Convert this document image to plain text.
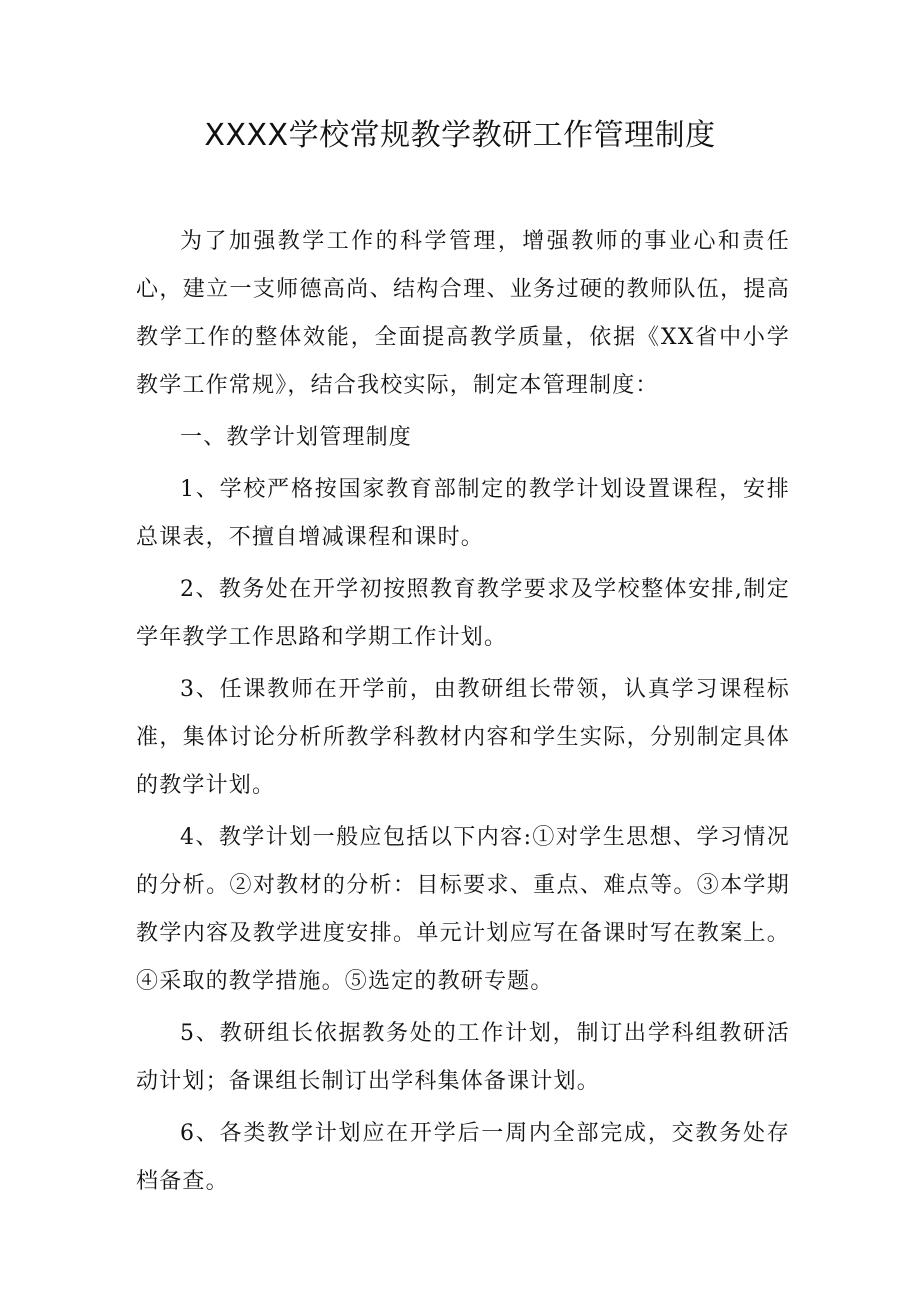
XXXX学校常规教学教研工作管理制度

为了加强教学工作的科学管理，增强教师的事业心和责任心，建立一支师德高尚、结构合理、业务过硬的教师队伍，提高教学工作的整体效能，全面提高教学质量，依据《XX省中小学教学工作常规》，结合我校实际，制定本管理制度：

一、教学计划管理制度

1、学校严格按国家教育部制定的教学计划设置课程，安排总课表，不擅自增减课程和课时。

2、教务处在开学初按照教育教学要求及学校整体安排,制定学年教学工作思路和学期工作计划。

3、任课教师在开学前，由教研组长带领，认真学习课程标准，集体讨论分析所教学科教材内容和学生实际，分别制定具体的教学计划。

4、教学计划一般应包括以下内容:①对学生思想、学习情况的分析。②对教材的分析：目标要求、重点、难点等。③本学期教学内容及教学进度安排。单元计划应写在备课时写在教案上。④采取的教学措施。⑤选定的教研专题。

5、教研组长依据教务处的工作计划，制订出学科组教研活动计划；备课组长制订出学科集体备课计划。

6、各类教学计划应在开学后一周内全部完成，交教务处存档备查。
